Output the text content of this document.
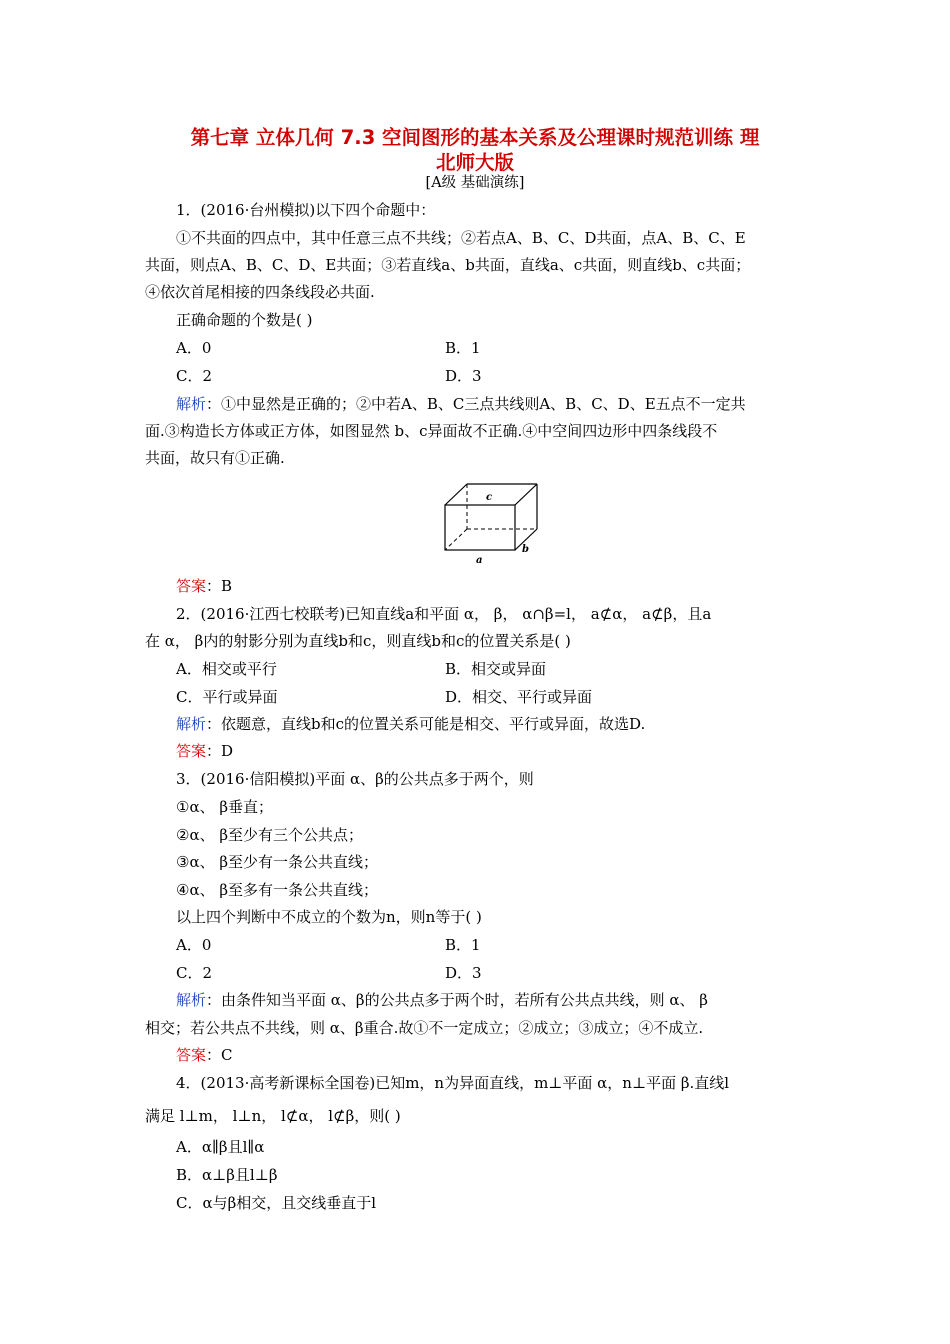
第七章 立体几何 7.3 空间图形的基本关系及公理课时规范训练 理
北师大版
[A级 基础演练]
1．(2016·台州模拟)以下四个命题中：
①不共面的四点中，其中任意三点不共线；②若点A、B、C、D共面，点A、B、C、E
共面，则点A、B、C、D、E共面；③若直线a、b共面，直线a、c共面，则直线b、c共面；
④依次首尾相接的四条线段必共面.
正确命题的个数是( )
A．0	B．1
C．2	D．3
解析：①中显然是正确的；②中若A、B、C三点共线则A、B、C、D、E五点不一定共
面.③构造长方体或正方体，如图显然 b、c异面故不正确.④中空间四边形中四条线段不
共面，故只有①正确.
c
a
b
答案：B
2．(2016·江西七校联考)已知直线a和平面 α， β， α∩β=l， a⊄α， a⊄β，且a
在 α， β内的射影分别为直线b和c，则直线b和c的位置关系是( )
A．相交或平行	B．相交或异面
C．平行或异面	D．相交、平行或异面
解析：依题意，直线b和c的位置关系可能是相交、平行或异面，故选D.
答案：D
3．(2016·信阳模拟)平面 α、β的公共点多于两个，则
①α、 β垂直；
②α、 β至少有三个公共点；
③α、 β至少有一条公共直线；
④α、 β至多有一条公共直线；
以上四个判断中不成立的个数为n，则n等于( )
A．0	B．1
C．2	D．3
解析：由条件知当平面 α、β的公共点多于两个时，若所有公共点共线，则 α、 β
相交；若公共点不共线，则 α、β重合.故①不一定成立；②成立；③成立；④不成立.
答案：C
4．(2013·高考新课标全国卷)已知m，n为异面直线，m⊥平面 α，n⊥平面 β.直线l
满足 l⊥m， l⊥n， l⊄α， l⊄β，则( )
A．α∥β且l∥α
B．α⊥β且l⊥β
C．α与β相交，且交线垂直于l
